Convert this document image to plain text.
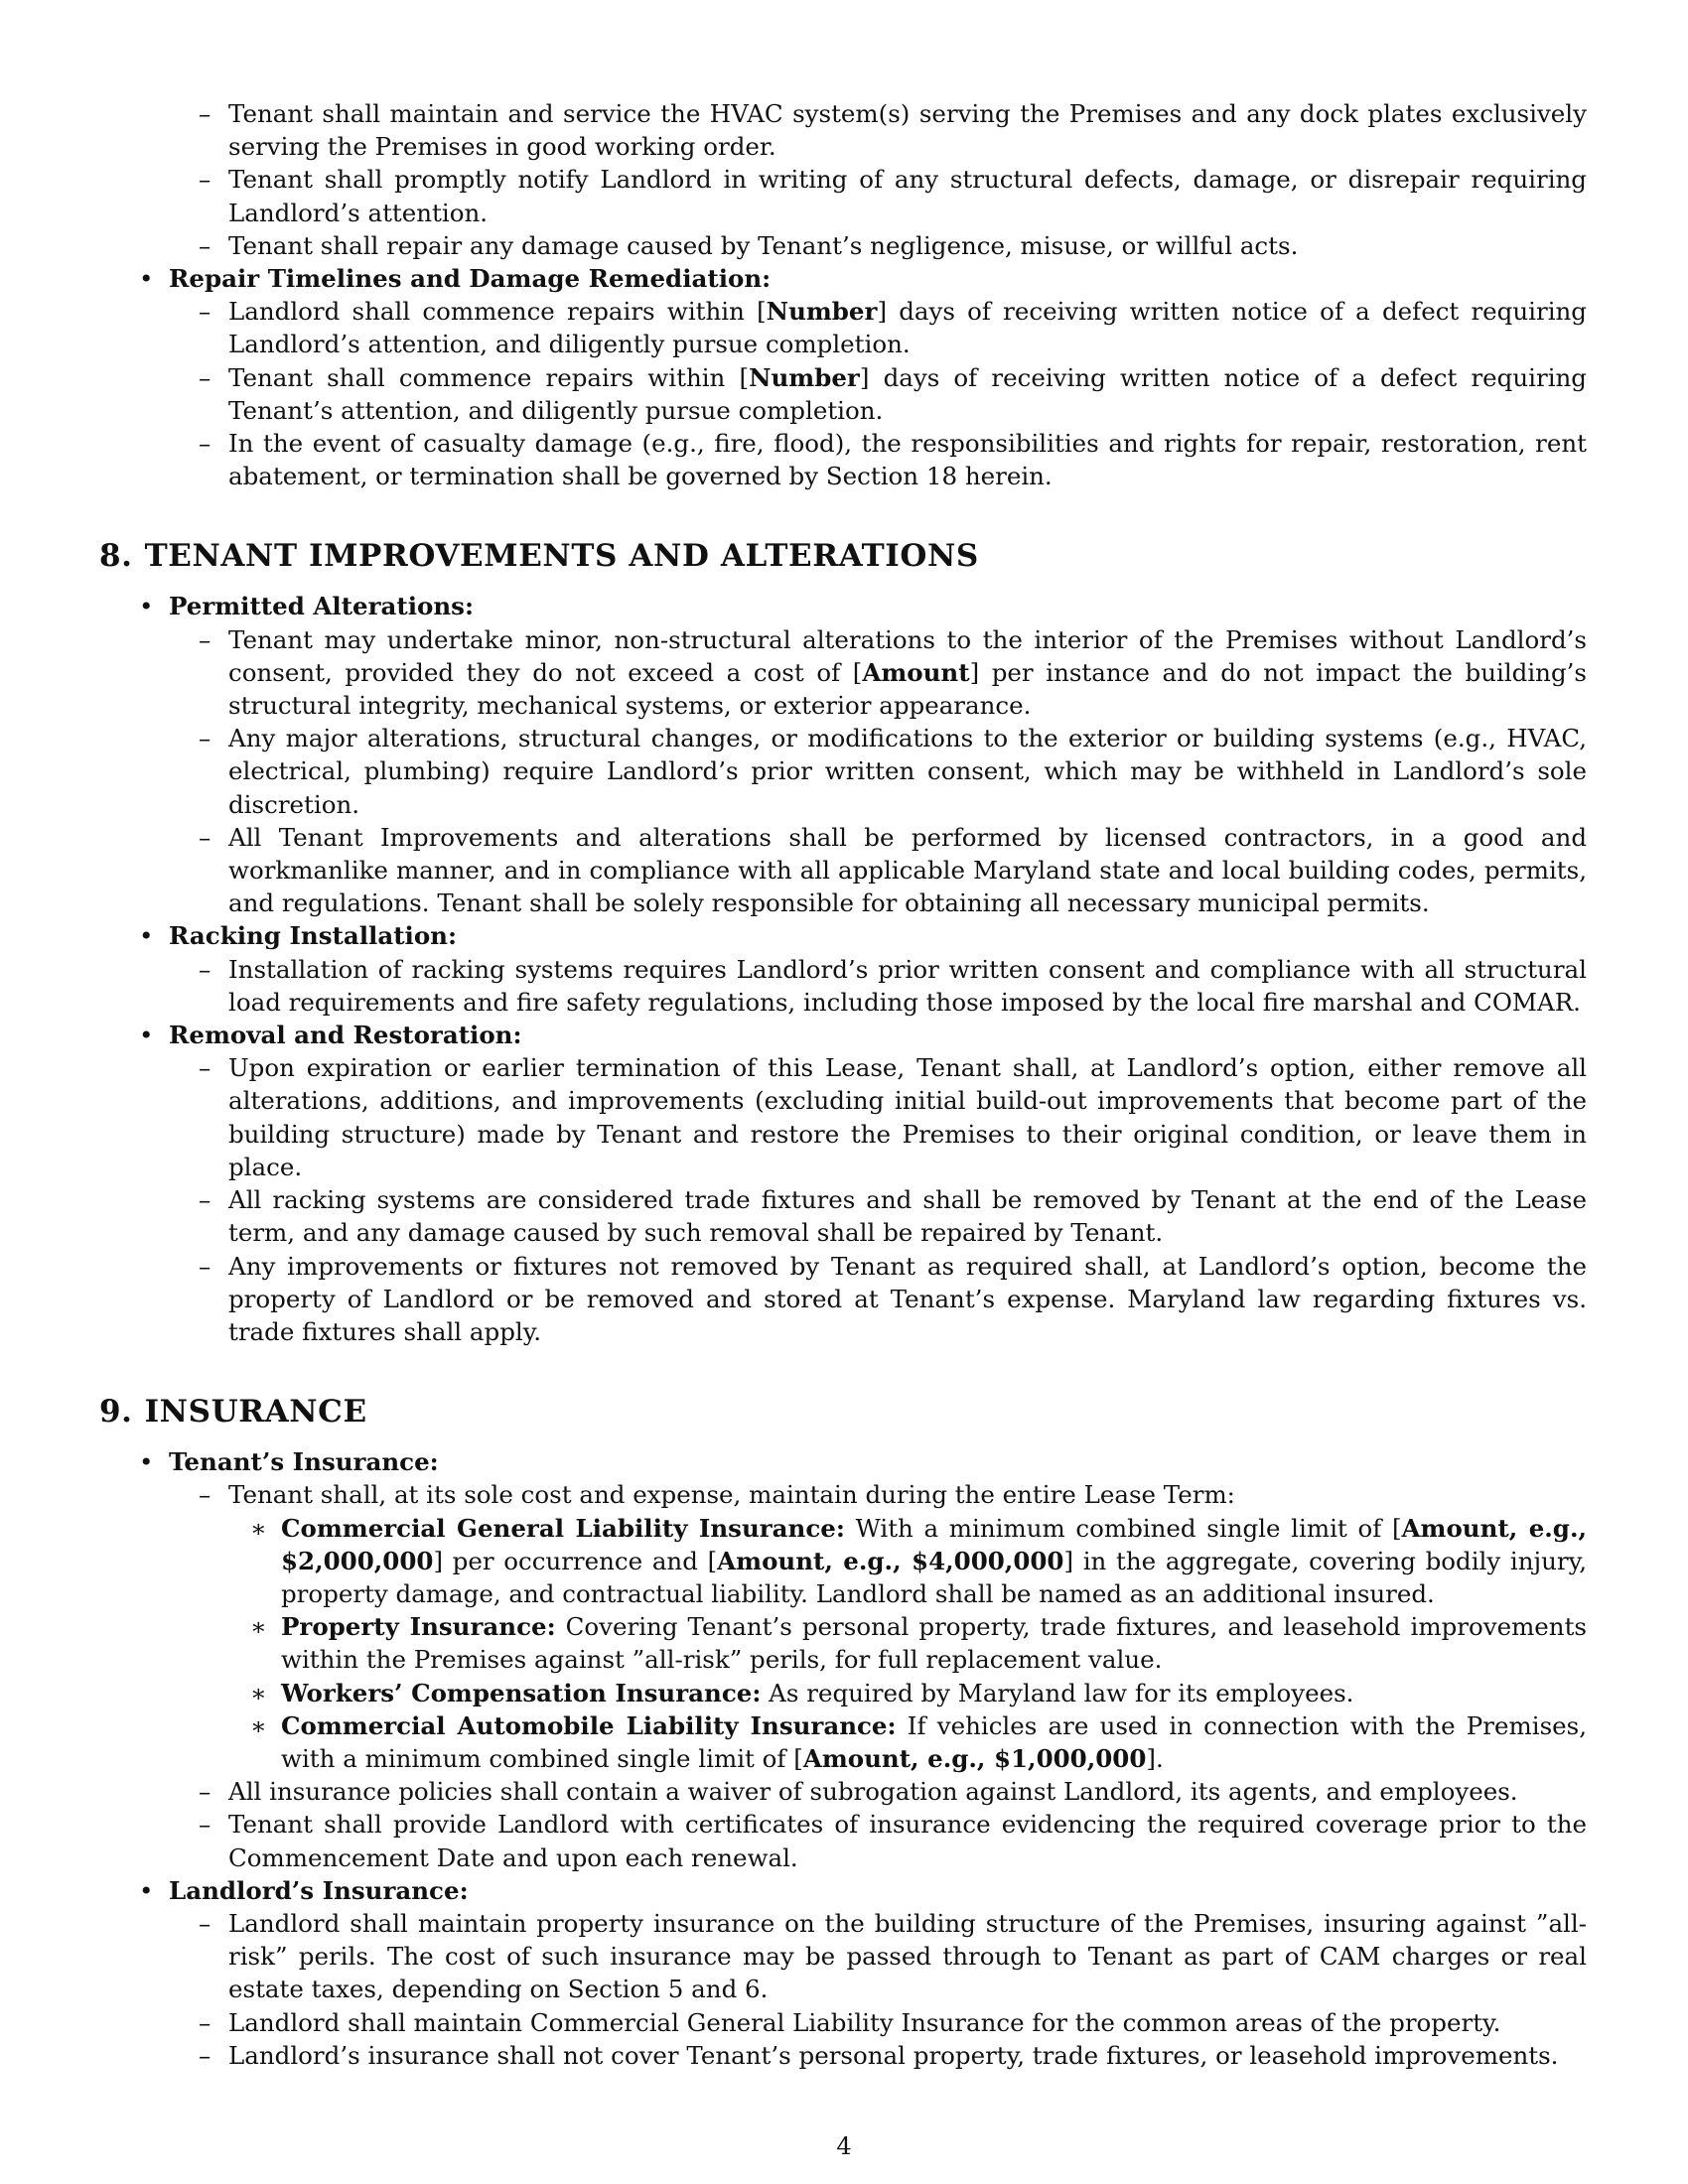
– Tenant shall maintain and service the HVAC system(s) serving the Premises and any dock plates exclusively serving the Premises in good working order.
– Tenant shall promptly notify Landlord in writing of any structural defects, damage, or disrepair requiring Landlord’s attention.
– Tenant shall repair any damage caused by Tenant’s negligence, misuse, or willful acts.
• Repair Timelines and Damage Remediation:
– Landlord shall commence repairs within [Number] days of receiving written notice of a defect requiring Landlord’s attention, and diligently pursue completion.
– Tenant shall commence repairs within [Number] days of receiving written notice of a defect requiring Tenant’s attention, and diligently pursue completion.
– In the event of casualty damage (e.g., fire, flood), the responsibilities and rights for repair, restoration, rent abatement, or termination shall be governed by Section 18 herein.
8. TENANT IMPROVEMENTS AND ALTERATIONS
• Permitted Alterations:
– Tenant may undertake minor, non-structural alterations to the interior of the Premises without Landlord’s consent, provided they do not exceed a cost of [Amount] per instance and do not impact the building’s structural integrity, mechanical systems, or exterior appearance.
– Any major alterations, structural changes, or modifications to the exterior or building systems (e.g., HVAC, electrical, plumbing) require Landlord’s prior written consent, which may be withheld in Landlord’s sole discretion.
– All Tenant Improvements and alterations shall be performed by licensed contractors, in a good and workmanlike manner, and in compliance with all applicable Maryland state and local building codes, permits, and regulations. Tenant shall be solely responsible for obtaining all necessary municipal permits.
• Racking Installation:
– Installation of racking systems requires Landlord’s prior written consent and compliance with all structural load requirements and fire safety regulations, including those imposed by the local fire marshal and COMAR.
• Removal and Restoration:
– Upon expiration or earlier termination of this Lease, Tenant shall, at Landlord’s option, either remove all alterations, additions, and improvements (excluding initial build-out improvements that become part of the building structure) made by Tenant and restore the Premises to their original condition, or leave them in place.
– All racking systems are considered trade fixtures and shall be removed by Tenant at the end of the Lease term, and any damage caused by such removal shall be repaired by Tenant.
– Any improvements or fixtures not removed by Tenant as required shall, at Landlord’s option, become the property of Landlord or be removed and stored at Tenant’s expense. Maryland law regarding fixtures vs. trade fixtures shall apply.
9. INSURANCE
• Tenant’s Insurance:
– Tenant shall, at its sole cost and expense, maintain during the entire Lease Term:
∗ Commercial General Liability Insurance: With a minimum combined single limit of [Amount, e.g., $2,000,000] per occurrence and [Amount, e.g., $4,000,000] in the aggregate, covering bodily injury, property damage, and contractual liability. Landlord shall be named as an additional insured.
∗ Property Insurance: Covering Tenant’s personal property, trade fixtures, and leasehold improvements within the Premises against ”all-risk” perils, for full replacement value.
∗ Workers’ Compensation Insurance: As required by Maryland law for its employees.
∗ Commercial Automobile Liability Insurance: If vehicles are used in connection with the Premises, with a minimum combined single limit of [Amount, e.g., $1,000,000].
– All insurance policies shall contain a waiver of subrogation against Landlord, its agents, and employees.
– Tenant shall provide Landlord with certificates of insurance evidencing the required coverage prior to the Commencement Date and upon each renewal.
• Landlord’s Insurance:
– Landlord shall maintain property insurance on the building structure of the Premises, insuring against ”all-risk” perils. The cost of such insurance may be passed through to Tenant as part of CAM charges or real estate taxes, depending on Section 5 and 6.
– Landlord shall maintain Commercial General Liability Insurance for the common areas of the property.
– Landlord’s insurance shall not cover Tenant’s personal property, trade fixtures, or leasehold improvements.
4
